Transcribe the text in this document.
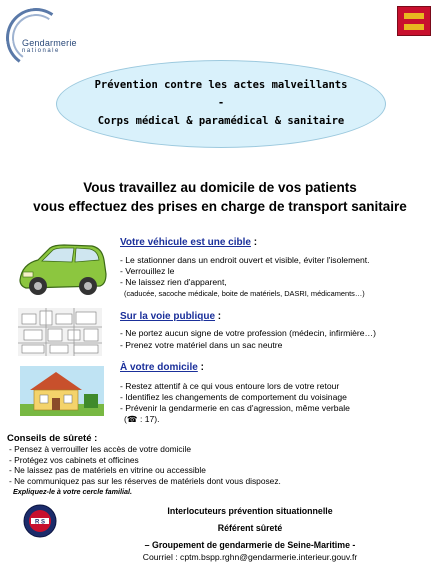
Gendarmerie
nationale
Prévention contre les actes malveillants
-
Corps médical & paramédical & sanitaire
Vous travaillez au domicile de vos patients
vous effectuez des prises en charge de transport sanitaire
Votre véhicule est une cible :
- Le stationner dans un endroit ouvert et visible, éviter l'isolement.
- Verrouillez le
- Ne laissez rien d'apparent,
(caducée, sacoche médicale, boite de matériels, DASRI, médicaments…)
Sur la voie publique :
- Ne portez aucun signe de votre profession (médecin, infirmière…)
- Prenez votre matériel dans un sac neutre
À votre domicile :
- Restez attentif à ce qui vous entoure lors de votre retour
- Identifiez les changements de comportement du voisinage
- Prévenir la gendarmerie en cas d'agression, même verbale
(☎ : 17).
Conseils de sûreté :
- Pensez à verrouiller les accès de votre domicile
- Protégez vos cabinets et officines
- Ne laissez pas de matériels en vitrine ou accessible
- Ne communiquez pas sur les réserves de matériels dont vous disposez.
Expliquez-le à votre cercle familial.
R S
Interlocuteurs prévention situationnelle
Référent sûreté
– Groupement de gendarmerie de Seine-Maritime -
Courriel : cptm.bspp.rghn@gendarmerie.interieur.gouv.fr
